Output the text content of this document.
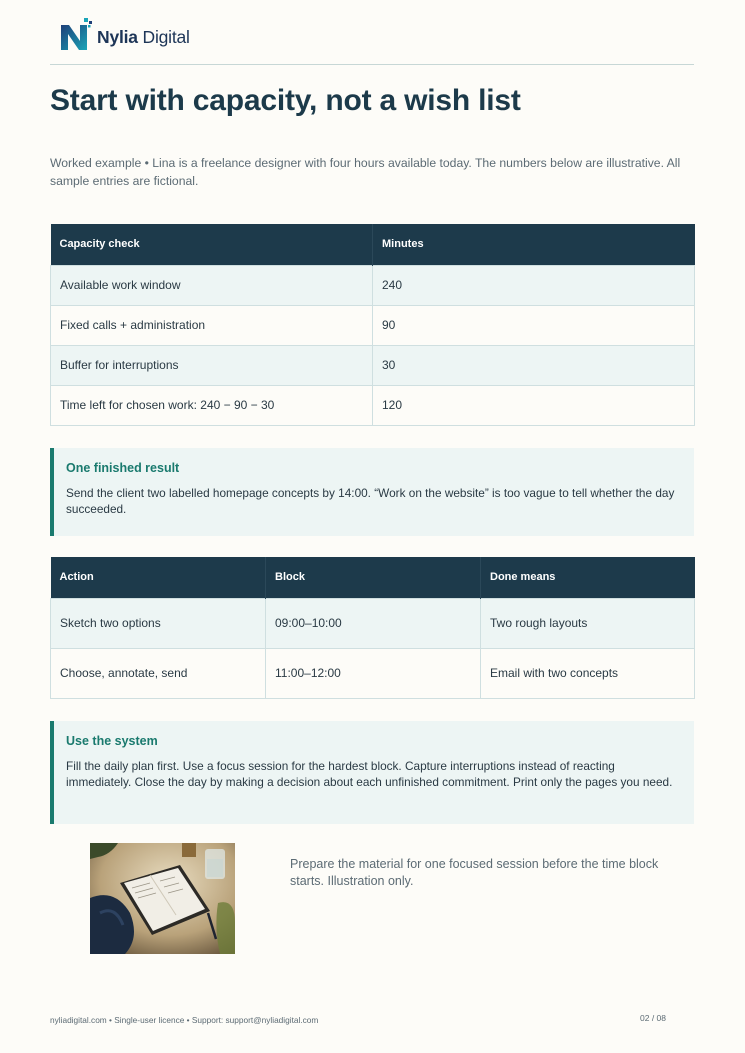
Nylia Digital
Start with capacity, not a wish list

Worked example • Lina is a freelance designer with four hours available today. The numbers below are illustrative. All sample entries are fictional.

Capacity check	Minutes
Available work window	240
Fixed calls + administration	90
Buffer for interruptions	30
Time left for chosen work: 240 − 90 − 30	120
One finished result
Send the client two labelled homepage concepts by 14:00. “Work on the website” is too vague to tell whether the day succeeded.
Action	Block	Done means
Sketch two options	09:00–10:00	Two rough layouts
Choose, annotate, send	11:00–12:00	Email with two concepts
Use the system
Fill the daily plan first. Use a focus session for the hardest block. Capture interruptions instead of reacting immediately. Close the day by making a decision about each unfinished commitment. Print only the pages you need.

Prepare the material for one focused session before the time block starts. Illustration only.

nyliadigital.com • Single-user licence • Support: support@nyliadigital.com	02 / 08
